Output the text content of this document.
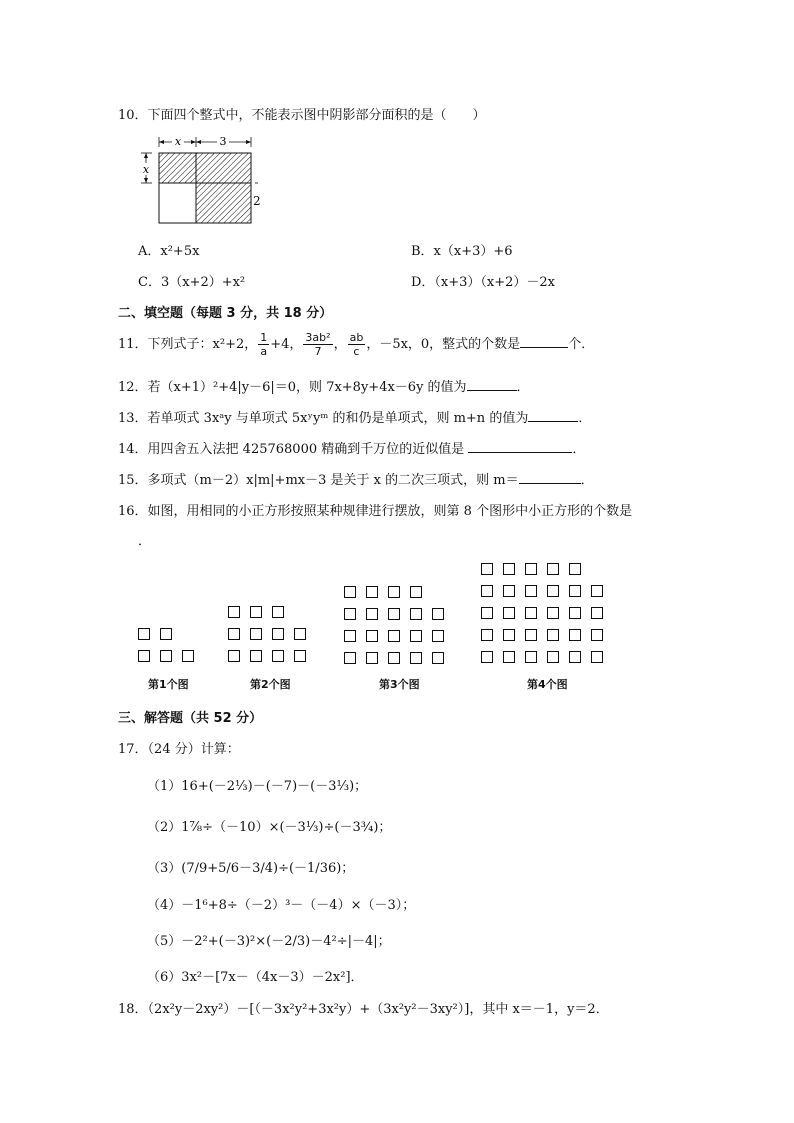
10．下面四个整式中，不能表示图中阴影部分面积的是（　　）
x	3
x
2
A．x²+5x	B．x（x+3）+6
C．3（x+2）+x²	D．（x+3）（x+2）－2x
二、填空题（每题 3 分，共 18 分）
11．下列式子：x²+2， $\frac{1}{a} +4$， $\frac{\text{3ab²}}{7}$ ， $\frac{ab}{c}$ ，－5x，0，整式的个数是	个．
12．若（x+1）²+4|y－6|＝0，则 7x+8y+4x－6y 的值为	．
13．若单项式 3xᵃy 与单项式 5xʸyᵐ 的和仍是单项式，则 m+n 的值为	．
14．用四舍五入法把 425768000 精确到千万位的近似值是	．
15．多项式（m－2）x|m|+mx－3 是关于 x 的二次三项式，则 m＝	．
16．如图，用相同的小正方形按照某种规律进行摆放，则第 8 个图形中小正方形的个数是
．
第1个图	第2个图	第3个图	第4个图
三、解答题（共 52 分）
17．（24 分）计算：
（1）16+(－2⅓)－(－7)－(－3⅓)；
（2）1⅞÷（－10）×(－3⅓)÷(－3¾)；
（3）(7/9+5/6－3/4)÷(－1/36)；
（4）－1⁶+8÷（－2）³－（－4）×（－3）；
（5）－2²+(－3)²×(－2/3)－4²÷|－4|；
（6）3x²－[7x－（4x－3）－2x²]．
18．（2x²y－2xy²）－[（－3x²y²+3x²y）+（3x²y²－3xy²）]，其中 x＝－1，y＝2．
